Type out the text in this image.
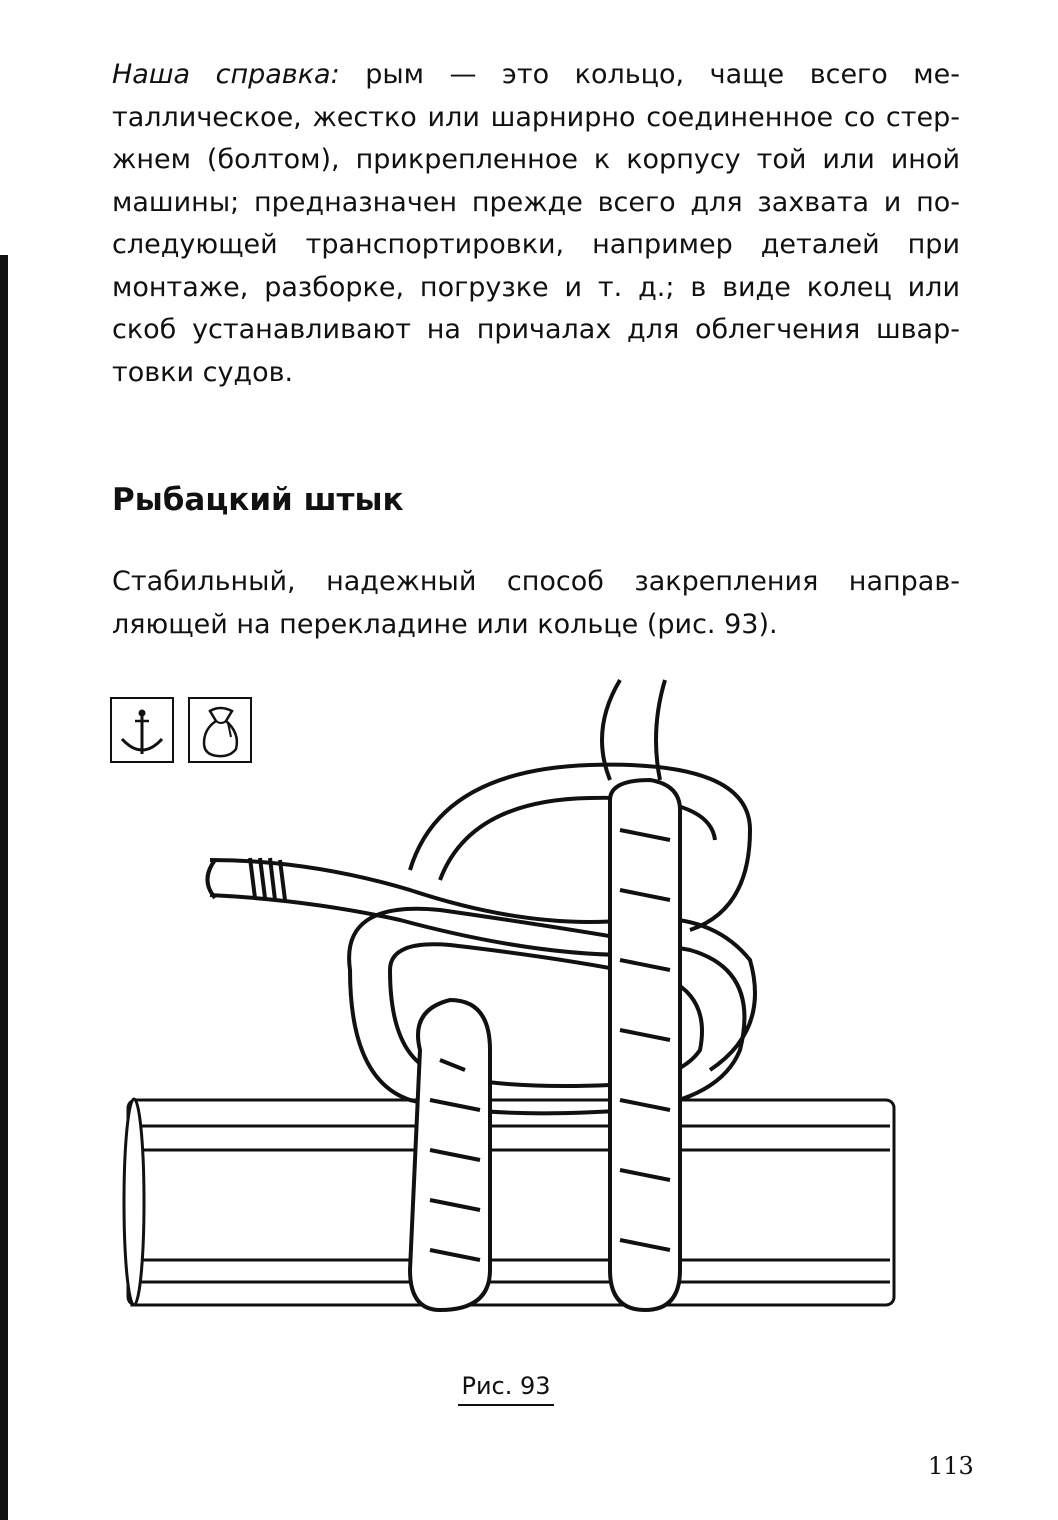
Наша справка: рым — это кольцо, чаще всего ме-
таллическое, жестко или шарнирно соединенное со стер-
жнем (болтом), прикрепленное к корпусу той или иной
машины; предназначен прежде всего для захвата и по-
следующей транспортировки, например деталей при
монтаже, разборке, погрузке и т. д.; в виде колец или
скоб устанавливают на причалах для облегчения швар-
товки судов.
Рыбацкий штык
Стабильный, надежный способ закрепления направ-
ляющей на перекладине или кольце (рис. 93).
Рис. 93
113
